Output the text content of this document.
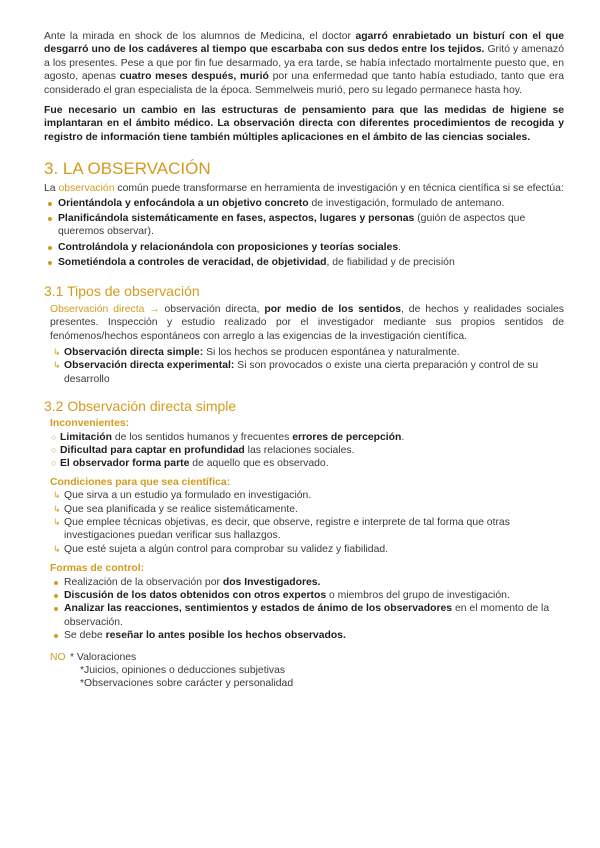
Ante la mirada en shock de los alumnos de Medicina, el doctor agarró enrabietado un bisturí con el que desgarró uno de los cadáveres al tiempo que escarbaba con sus dedos entre los tejidos. Gritó y amenazó a los presentes. Pese a que por fin fue desarmado, ya era tarde, se había infectado mortalmente puesto que, en agosto, apenas cuatro meses después, murió por una enfermedad que tanto había estudiado, tanto que era considerado el gran especialista de la época. Semmelweis murió, pero su legado permanece hasta hoy.

Fue necesario un cambio en las estructuras de pensamiento para que las medidas de higiene se implantaran en el ámbito médico. La observación directa con diferentes procedimientos de recogida y registro de información tiene también múltiples aplicaciones en el ámbito de las ciencias sociales.

3. LA OBSERVACIÓN

La observación común puede transformarse en herramienta de investigación y en técnica científica si se efectúa:

Orientándola y enfocándola a un objetivo concreto de investigación, formulado de antemano.
Planificándola sistemáticamente en fases, aspectos, lugares y personas (guión de aspectos que queremos observar).
Controlándola y relacionándola con proposiciones y teorías sociales.
Sometiéndola a controles de veracidad, de objetividad, de fiabilidad y de precisión
3.1 Tipos de observación

Observación directa → observación directa, por medio de los sentidos, de hechos y realidades sociales presentes. Inspección y estudio realizado por el investigador mediante sus propios sentidos de fenómenos/hechos espontáneos con arreglo a las exigencias de la investigación científica.

↳ Observación directa simple: Si los hechos se producen espontánea y naturalmente.
↳ Observación directa experimental: Si son provocados o existe una cierta preparación y control de su desarrollo
3.2 Observación directa simple
Inconvenientes:
○ Limitación de los sentidos humanos y frecuentes errores de percepción.
○ Dificultad para captar en profundidad las relaciones sociales.
○ El observador forma parte de aquello que es observado.
Condiciones para que sea científica:
↳ Que sirva a un estudio ya formulado en investigación.
↳ Que sea planificada y se realice sistemáticamente.
↳ Que emplee técnicas objetivas, es decir, que observe, registre e interprete de tal forma que otras investigaciones puedan verificar sus hallazgos.
↳ Que esté sujeta a algún control para comprobar su validez y fiabilidad.
Formas de control:
Realización de la observación por dos Investigadores.
Discusión de los datos obtenidos con otros expertos o miembros del grupo de investigación.
Analizar las reacciones, sentimientos y estados de ánimo de los observadores en el momento de la observación.
Se debe reseñar lo antes posible los hechos observados.
NO * Valoraciones
*Juicios, opiniones o deducciones subjetivas
*Observaciones sobre carácter y personalidad
